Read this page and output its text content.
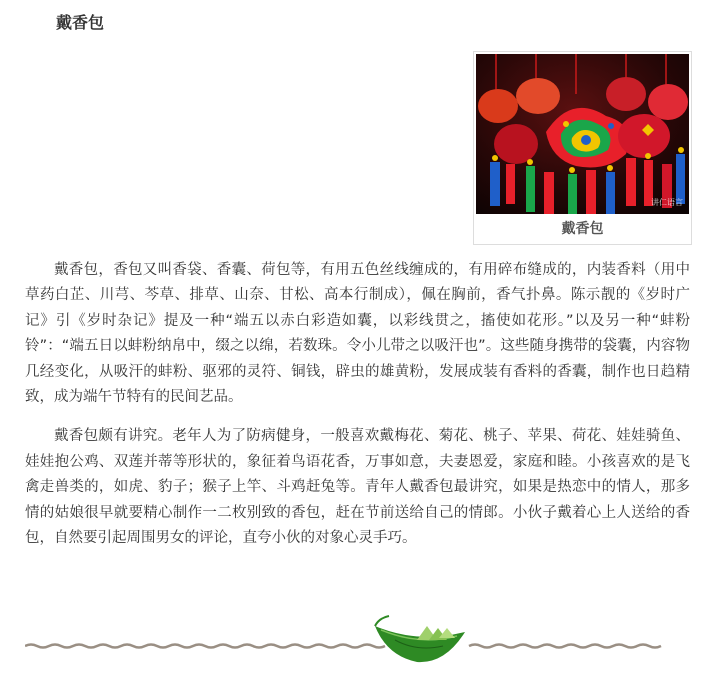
戴香包
讲仁语言
戴香包

戴香包，香包又叫香袋、香囊、荷包等，有用五色丝线缠成的，有用碎布缝成的，内装香料（用中草药白芷、川芎、芩草、排草、山奈、甘松、高本行制成），佩在胸前，香气扑鼻。陈示靓的《岁时广记》引《岁时杂记》提及一种“端五以赤白彩造如囊，以彩线贯之，搐使如花形。”以及另一种“蚌粉铃”：“端五日以蚌粉纳帛中，缀之以绵，若数珠。令小儿带之以吸汗也”。这些随身携带的袋囊，内容物几经变化，从吸汗的蚌粉、驱邪的灵符、铜钱，辟虫的雄黄粉，发展成装有香料的香囊，制作也日趋精致，成为端午节特有的民间艺品。

戴香包颇有讲究。老年人为了防病健身，一般喜欢戴梅花、菊花、桃子、苹果、荷花、娃娃骑鱼、娃娃抱公鸡、双莲并蒂等形状的，象征着鸟语花香，万事如意，夫妻恩爱，家庭和睦。小孩喜欢的是飞禽走兽类的，如虎、豹子；猴子上竿、斗鸡赶兔等。青年人戴香包最讲究，如果是热恋中的情人，那多情的姑娘很早就要精心制作一二枚别致的香包，赶在节前送给自己的情郎。小伙子戴着心上人送给的香包，自然要引起周围男女的评论，直夸小伙的对象心灵手巧。
